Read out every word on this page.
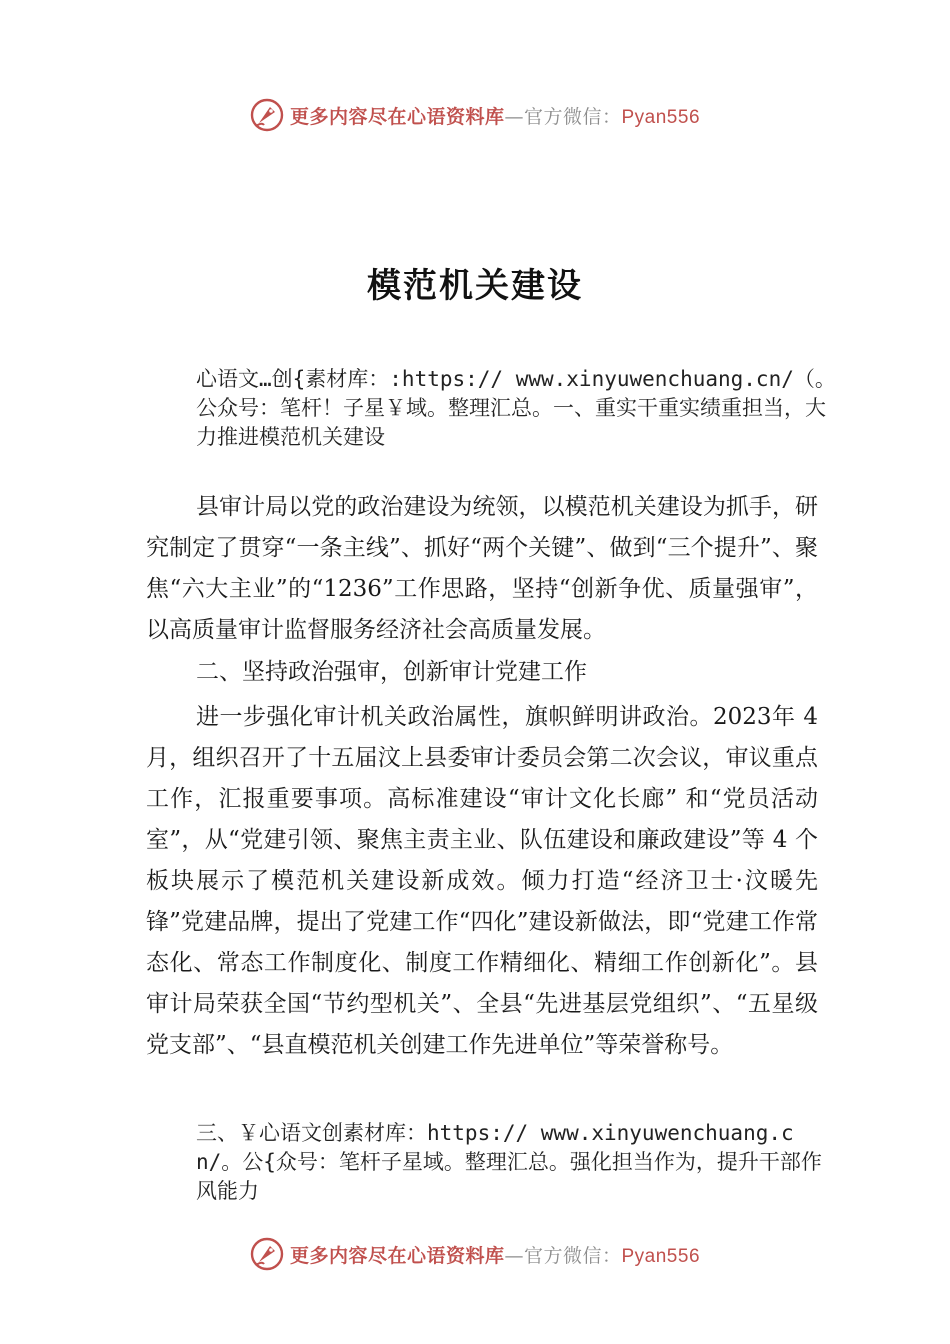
更多内容尽在心语资料库—官方微信：Pyan556
模范机关建设
心语文…创{素材库：:https:// www.xinyuwenchuang.cn/（。公众号：笔杆！子星￥域。整理汇总。一、重实干重实绩重担当，大力推进模范机关建设
县审计局以党的政治建设为统领，以模范机关建设为抓手，研究制定了贯穿“一条主线”、抓好“两个关键”、做到“三个提升”、聚焦“六大主业”的“1236”工作思路，坚持“创新争优、质量强审”，以高质量审计监督服务经济社会高质量发展。
二、坚持政治强审，创新审计党建工作
进一步强化审计机关政治属性，旗帜鲜明讲政治。2023年 4 月，组织召开了十五届汶上县委审计委员会第二次会议，审议重点工作，汇报重要事项。高标准建设“审计文化长廊” 和“党员活动室”，从“党建引领、聚焦主责主业、队伍建设和廉政建设”等 4 个板块展示了模范机关建设新成效。倾力打造“经济卫士·汶暖先锋”党建品牌，提出了党建工作“四化”建设新做法，即“党建工作常态化、常态工作制度化、制度工作精细化、精细工作创新化”。县审计局荣获全国“节约型机关”、全县“先进基层党组织”、“五星级党支部”、“县直模范机关创建工作先进单位”等荣誉称号。
三、￥心语文创素材库：https:// www.xinyuwenchuang.cn/。公{众号：笔杆子星域。整理汇总。强化担当作为，提升干部作风能力
更多内容尽在心语资料库—官方微信：Pyan556
